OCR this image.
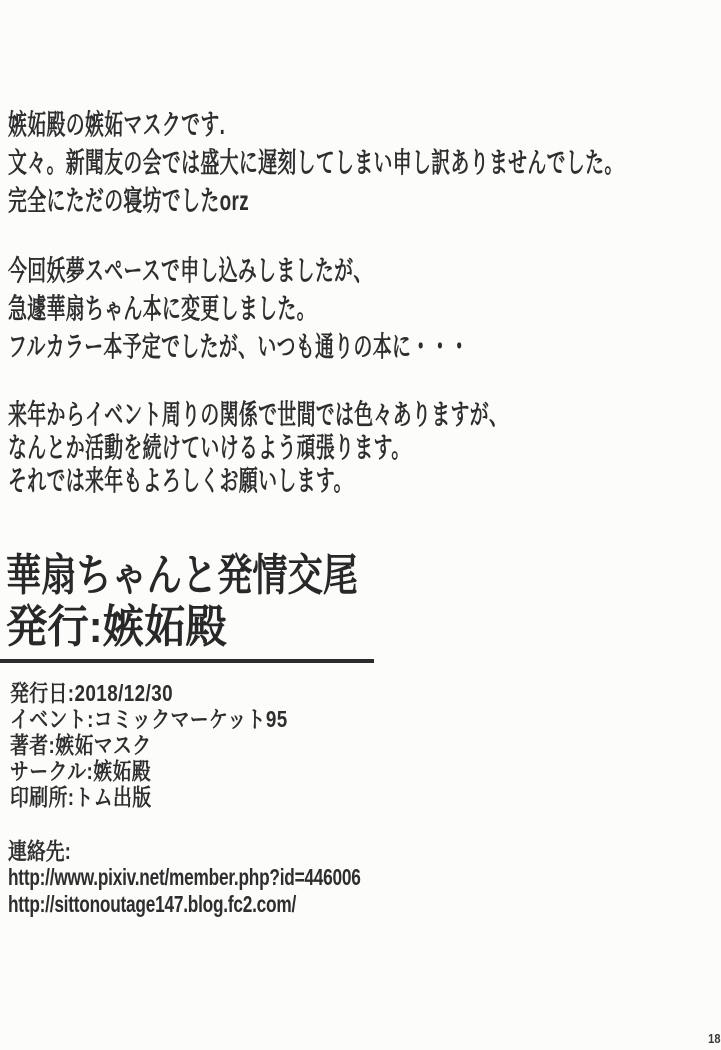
嫉妬殿の嫉妬マスクです.
文々。新聞友の会では盛大に遅刻してしまい申し訳ありませんでした。
完全にただの寝坊でしたorz

今回妖夢スペースで申し込みしましたが、
急遽華扇ちゃん本に変更しました。
フルカラー本予定でしたが、いつも通りの本に・・・

来年からイベント周りの関係で世間では色々ありますが、
なんとか活動を続けていけるよう頑張ります。
それでは来年もよろしくお願いします。

華扇ちゃんと発情交尾
発行:嫉妬殿
発行日:2018/12/30
イベント:コミックマーケット95
著者:嫉妬マスク
サークル:嫉妬殿
印刷所:トム出版
連絡先:
http://www.pixiv.net/member.php?id=446006
http://sittonoutage147.blog.fc2.com/
18
